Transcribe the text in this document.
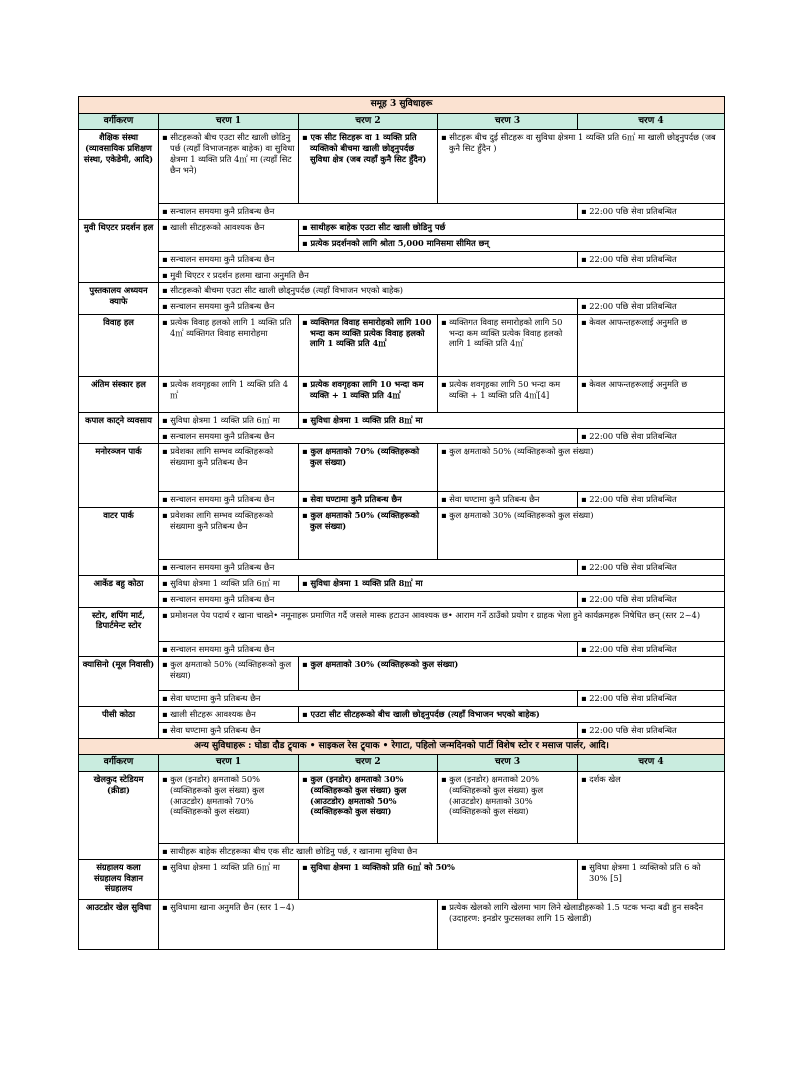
समूह 3 सुविधाहरू				
वर्गीकरण	चरण 1	चरण 2	चरण 3	चरण 4
शैक्षिक संस्था (व्यावसायिक प्रशिक्षण संस्था, एकेडेमी, आदि)	▪ सीटहरूको बीच एउटा सीट खाली छोडिनु पर्छ (त्यहाँ विभाजनहरू बाहेक) वा सुविधा क्षेत्रमा 1 व्यक्ति प्रति 4㎡ मा (त्यहाँ सिट छैन भने)	▪ एक सीट सिटहरू वा 1 व्यक्ति प्रति व्यक्तिको बीचमा खाली छोड्नुपर्दछ सुविधा क्षेत्र (जब त्यहाँ कुनै सिट हुँदैन)	▪ सीटहरू बीच दुई सीटहरू वा सुविधा क्षेत्रमा 1 व्यक्ति प्रति 6㎡ मा खाली छोड्नुपर्दछ (जब कुनै सिट हुँदैन )	

	▪ सन्चालन समयमा कुनै प्रतिबन्ध छैन			▪ 22:00 पछि सेवा प्रतिबन्धित

मुवी थिएटर प्रदर्शन हल	▪ खाली सीटहरूको आवश्यक छैन	▪ साथीहरू बाहेक एउटा सीट खाली छोडिनु पर्छ		

		▪ प्रत्येक प्रदर्शनको लागि श्रोता 5,000 मानिसमा सीमित छन्		

	▪ सन्चालन समयमा कुनै प्रतिबन्ध छैन			▪ 22:00 पछि सेवा प्रतिबन्धित

	▪ मुवी थिएटर र प्रदर्शन हलमा खाना अनुमति छैन			

पुस्तकालय अध्ययन क्याफे	▪ सीटहरूको बीचमा एउटा सीट खाली छोड्नुपर्दछ (त्यहाँ विभाजन भएको बाहेक)			

	▪ सन्चालन समयमा कुनै प्रतिबन्ध छैन			▪ 22:00 पछि सेवा प्रतिबन्धित

विवाह हल	▪ प्रत्येक विवाह हलको लागि 1 व्यक्ति प्रति 4㎡ व्यक्तिगत विवाह समारोहमा	▪ व्यक्तिगत विवाह समारोहको लागि 100 भन्दा कम व्यक्ति प्रत्येक विवाह हलको लागि 1 व्यक्ति प्रति 4㎡	▪ व्यक्तिगत विवाह समारोहको लागि 50 भन्दा कम व्यक्ति प्रत्येक विवाह हलको लागि 1 व्यक्ति प्रति 4㎡	▪ केवल आफन्तहरूलाई अनुमति छ

अंतिम संस्कार हल	▪ प्रत्येक शवगृहका लागि 1 व्यक्ति प्रति 4㎡	▪ प्रत्येक शवगृहका लागि 10 भन्दा कम व्यक्ति + 1 व्यक्ति प्रति 4㎡	▪ प्रत्येक शवगृहका लागि 50 भन्दा कम व्यक्ति + 1 व्यक्ति प्रति 4㎡[4]	▪ केवल आफन्तहरूलाई अनुमति छ

कपाल काट्ने व्यवसाय	▪ सुविधा क्षेत्रमा 1 व्यक्ति प्रति 6㎡ मा	▪ सुविधा क्षेत्रमा 1 व्यक्ति प्रति 8㎡ मा		

	▪ सन्चालन समयमा कुनै प्रतिबन्ध छैन			▪ 22:00 पछि सेवा प्रतिबन्धित

मनोरञ्जन पार्क	▪ प्रवेशका लागि सम्भव व्यक्तिहरूको संख्यामा कुनै प्रतिबन्ध छैन	▪ कुल क्षमताको 70% (व्यक्तिहरूको कुल संख्या)	▪ कुल क्षमताको 50% (व्यक्तिहरूको कुल संख्या)	

	▪ सन्चालन समयमा कुनै प्रतिबन्ध छैन	▪ सेवा घण्टामा कुनै प्रतिबन्ध छैन	▪ सेवा घण्टामा कुनै प्रतिबन्ध छैन	▪ 22:00 पछि सेवा प्रतिबन्धित

वाटर पार्क	▪ प्रवेशका लागि सम्भव व्यक्तिहरूको संख्यामा कुनै प्रतिबन्ध छैन	▪ कुल क्षमताको 50% (व्यक्तिहरूको कुल संख्या)	▪ कुल क्षमताको 30% (व्यक्तिहरूको कुल संख्या)	

	▪ सन्चालन समयमा कुनै प्रतिबन्ध छैन			▪ 22:00 पछि सेवा प्रतिबन्धित

आर्केड बहु कोठा	▪ सुविधा क्षेत्रमा 1 व्यक्ति प्रति 6㎡ मा	▪ सुविधा क्षेत्रमा 1 व्यक्ति प्रति 8㎡ मा		

	▪ सन्चालन समयमा कुनै प्रतिबन्ध छैन			▪ 22:00 पछि सेवा प्रतिबन्धित

स्टोर, शपिंग मार्ट, डिपार्टमेन्ट स्टोर	▪ प्रमोशनल पेय पदार्थ र खाना चाख्ने• नमूनाहरू प्रमाणित गर्दै जसले मास्क हटाउन आवश्यक छ• आराम गर्ने ठाउँको प्रयोग र ग्राहक भेला हुने कार्यक्रमहरू निषेधित छन् (स्तर 2~4)			

	▪ सन्चालन समयमा कुनै प्रतिबन्ध छैन			▪ 22:00 पछि सेवा प्रतिबन्धित

क्यासिनो (मूल निवासी)	▪ कुल क्षमताको 50% (व्यक्तिहरूको कुल संख्या)	▪ कुल क्षमताको 30% (व्यक्तिहरूको कुल संख्या)		

	▪ सेवा घण्टामा कुनै प्रतिबन्ध छैन			▪ 22:00 पछि सेवा प्रतिबन्धित

पीसी कोठा	▪ खाली सीटहरू आवश्यक छैन	▪ एउटा सीट सीटहरूको बीच खाली छोड्नुपर्दछ (त्यहाँ विभाजन भएको बाहेक)		

	▪ सेवा घण्टामा कुनै प्रतिबन्ध छैन			▪ 22:00 पछि सेवा प्रतिबन्धित

अन्य सुविधाहरू : घोडा दौड ट्र्याक • साइकल रेस ट्र्याक • रेगाटा, पहिलो जन्मदिनको पार्टी विशेष स्टोर र मसाज पार्लर, आदि।				
वर्गीकरण	चरण 1	चरण 2	चरण 3	चरण 4
खेलकुद स्टेडियम (क्रीडा)	▪ कुल (इनडोर) क्षमताको 50% (व्यक्तिहरूको कुल संख्या) कुल (आउटडोर) क्षमताको 70% (व्यक्तिहरूको कुल संख्या)	▪ कुल (इनडोर) क्षमताको 30% (व्यक्तिहरूको कुल संख्या) कुल (आउटडोर) क्षमताको 50% (व्यक्तिहरूको कुल संख्या)	▪ कुल (इनडोर) क्षमताको 20% (व्यक्तिहरूको कुल संख्या) कुल (आउटडोर) क्षमताको 30% (व्यक्तिहरूको कुल संख्या)	▪ दर्शक खेल

	▪ साथीहरू बाहेक सीटहरूका बीच एक सीट खाली छोडिनु पर्छ, र खानामा सुविधा छैन			

संग्रहालय कला संग्रहालय विज्ञान संग्रहालय	▪ सुविधा क्षेत्रमा 1 व्यक्ति प्रति 6㎡ मा	▪ सुविधा क्षेत्रमा 1 व्यक्तिको प्रति 6㎡ को 50%		▪ सुविधा क्षेत्रमा 1 व्यक्तिको प्रति 6 को 30% [5]

आउटडोर खेल सुविधा	▪ सुविधामा खाना अनुमति छैन (स्तर 1~4)		▪ प्रत्येक खेलको लागि खेलमा भाग लिने खेलाडीहरूको 1.5 पटक भन्दा बढी हुन सक्दैन (उदाहरण: इनडोर फुटसलका लागि 15 खेलाडी)	
